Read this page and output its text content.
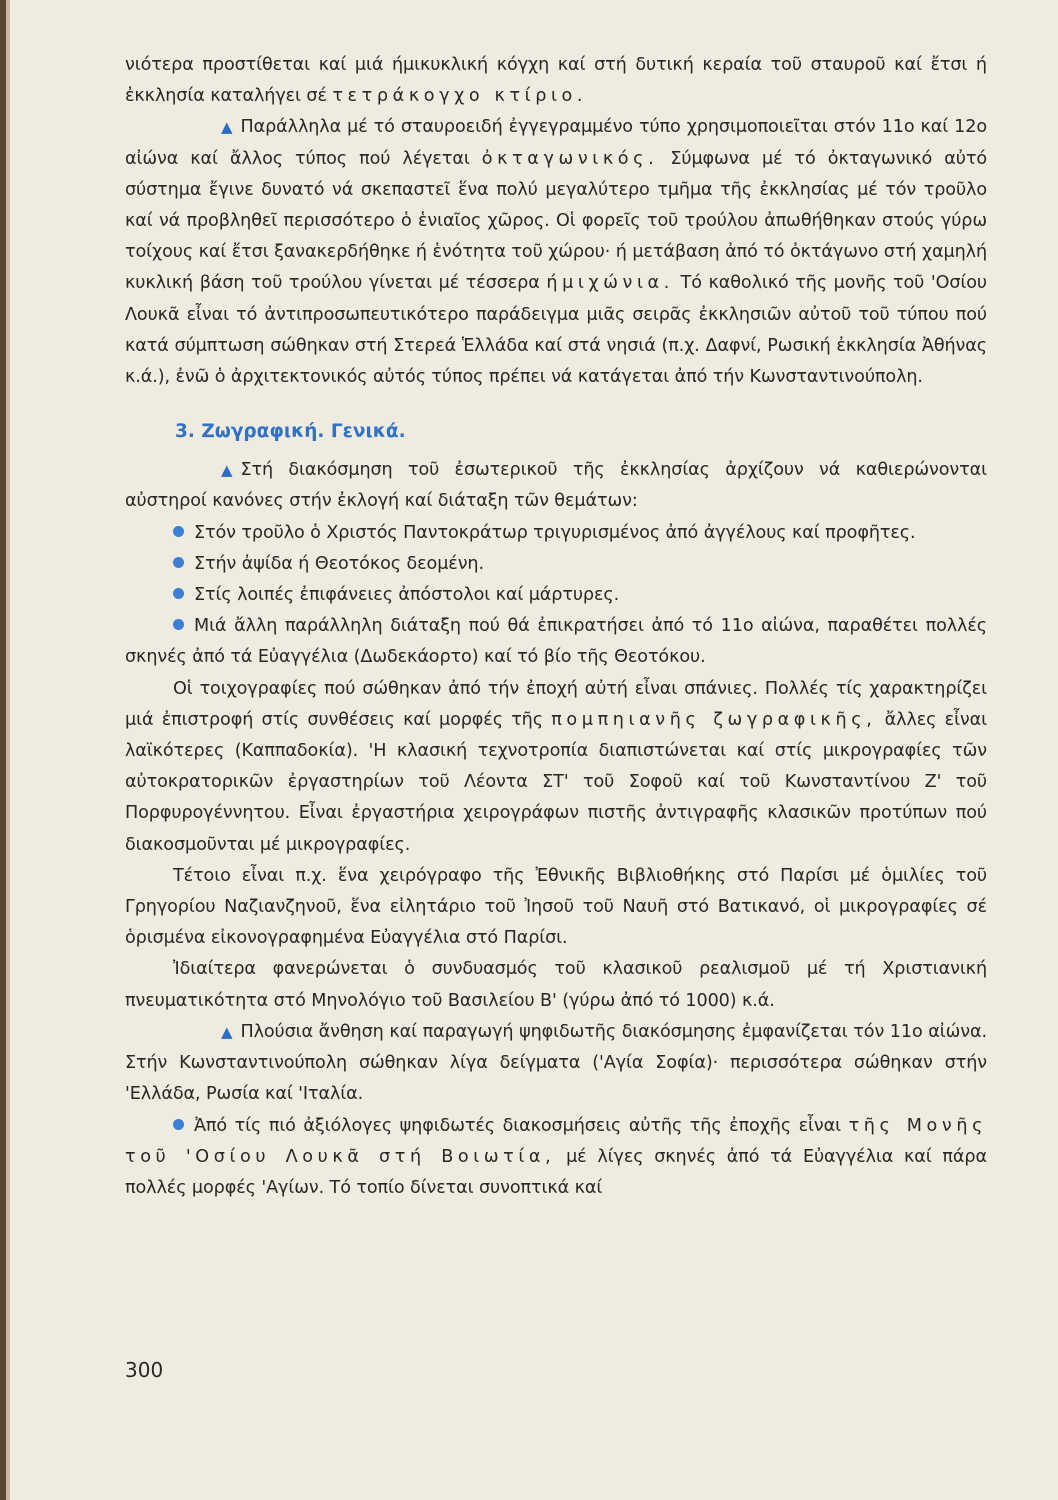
νιότερα προστίθεται καί μιά ήμικυκλική κόγχη καί στή δυτική κεραία τοῦ σταυροῦ καί ἔτσι ή ἐκκλησία καταλήγει σέ τετράκογχο κτίριο.

▲ Παράλληλα μέ τό σταυροειδή ἐγγεγραμμένο τύπο χρησιμοποιεῖται στόν 11ο καί 12ο αἰώνα καί ἄλλος τύπος πού λέγεται ὀκταγωνικός. Σύμφωνα μέ τό ὀκταγωνικό αὐτό σύστημα ἔγινε δυνατό νά σκεπαστεῖ ἕνα πολύ μεγαλύτερο τμῆμα τῆς ἐκκλησίας μέ τόν τροῦλο καί νά προβληθεῖ περισσότερο ὁ ἑνιαῖος χῶρος. Οἱ φορεῖς τοῦ τρούλου ἀπωθήθηκαν στούς γύρω τοίχους καί ἔτσι ξανακερδήθηκε ή ἑνότητα τοῦ χώρου· ή μετάβαση ἀπό τό ὀκτάγωνο στή χαμηλή κυκλική βάση τοῦ τρούλου γίνεται μέ τέσσερα ήμιχώνια. Τό καθολικό τῆς μονῆς τοῦ 'Οσίου Λουκᾶ εἶναι τό ἀντιπροσωπευτικότερο παράδειγμα μιᾶς σειρᾶς ἐκκλησιῶν αὐτοῦ τοῦ τύπου πού κατά σύμπτωση σώθηκαν στή Στερεά Ἑλλάδα καί στά νησιά (π.χ. Δαφνί, Ρωσική ἐκκλησία Ἀθήνας κ.ά.), ἐνῶ ὁ ἀρχιτεκτονικός αὐτός τύπος πρέπει νά κατάγεται ἀπό τήν Κωνσταντινούπολη.

3. Ζωγραφική. Γενικά.

▲ Στή διακόσμηση τοῦ ἐσωτερικοῦ τῆς ἐκκλησίας ἀρχίζουν νά καθιερώνονται αὐστηροί κανόνες στήν ἐκλογή καί διάταξη τῶν θεμάτων:

Στόν τροῦλο ὁ Χριστός Παντοκράτωρ τριγυρισμένος ἀπό ἀγγέλους καί προφῆτες.

Στήν ἀψίδα ή Θεοτόκος δεομένη.

Στίς λοιπές ἐπιφάνειες ἀπόστολοι καί μάρτυρες.

Μιά ἄλλη παράλληλη διάταξη πού θά ἐπικρατήσει ἀπό τό 11ο αἰώνα, παραθέτει πολλές σκηνές ἀπό τά Εὐαγγέλια (Δωδεκάορτο) καί τό βίο τῆς Θεοτόκου.

Οἱ τοιχογραφίες πού σώθηκαν ἀπό τήν ἐποχή αὐτή εἶναι σπάνιες. Πολλές τίς χαρακτηρίζει μιά ἐπιστροφή στίς συνθέσεις καί μορφές τῆς πομπηιανῆς ζωγραφικῆς, ἄλλες εἶναι λαϊκότερες (Καππαδοκία). 'Η κλασική τεχνοτροπία διαπιστώνεται καί στίς μικρογραφίες τῶν αὐτοκρατορικῶν ἐργαστηρίων τοῦ Λέοντα ΣΤ' τοῦ Σοφοῦ καί τοῦ Κωνσταντίνου Ζ' τοῦ Πορφυρογέννητου. Εἶναι ἐργαστήρια χειρογράφων πιστῆς ἀντιγραφῆς κλασικῶν προτύπων πού διακοσμοῦνται μέ μικρογραφίες.

Τέτοιο εἶναι π.χ. ἕνα χειρόγραφο τῆς Ἐθνικῆς Βιβλιοθήκης στό Παρίσι μέ ὁμιλίες τοῦ Γρηγορίου Ναζιανζηνοῦ, ἕνα εἰλητάριο τοῦ Ἰησοῦ τοῦ Ναυῆ στό Βατικανό, οἱ μικρογραφίες σέ ὁρισμένα εἰκονογραφημένα Εὐαγγέλια στό Παρίσι.

Ἰδιαίτερα φανερώνεται ὁ συνδυασμός τοῦ κλασικοῦ ρεαλισμοῦ μέ τή Χριστιανική πνευματικότητα στό Μηνολόγιο τοῦ Βασιλείου Β' (γύρω ἀπό τό 1000) κ.ά.

▲ Πλούσια ἄνθηση καί παραγωγή ψηφιδωτῆς διακόσμησης ἐμφανίζεται τόν 11ο αἰώνα. Στήν Κωνσταντινούπολη σώθηκαν λίγα δείγματα ('Αγία Σοφία)· περισσότερα σώθηκαν στήν 'Ελλάδα, Ρωσία καί 'Ιταλία.

Ἀπό τίς πιό ἀξιόλογες ψηφιδωτές διακοσμήσεις αὐτῆς τῆς ἐποχῆς εἶναι τῆς Μονῆς τοῦ 'Οσίου Λουκᾶ στή Βοιωτία, μέ λίγες σκηνές ἀπό τά Εὐαγγέλια καί πάρα πολλές μορφές 'Αγίων. Τό τοπίο δίνεται συνοπτικά καί

300
